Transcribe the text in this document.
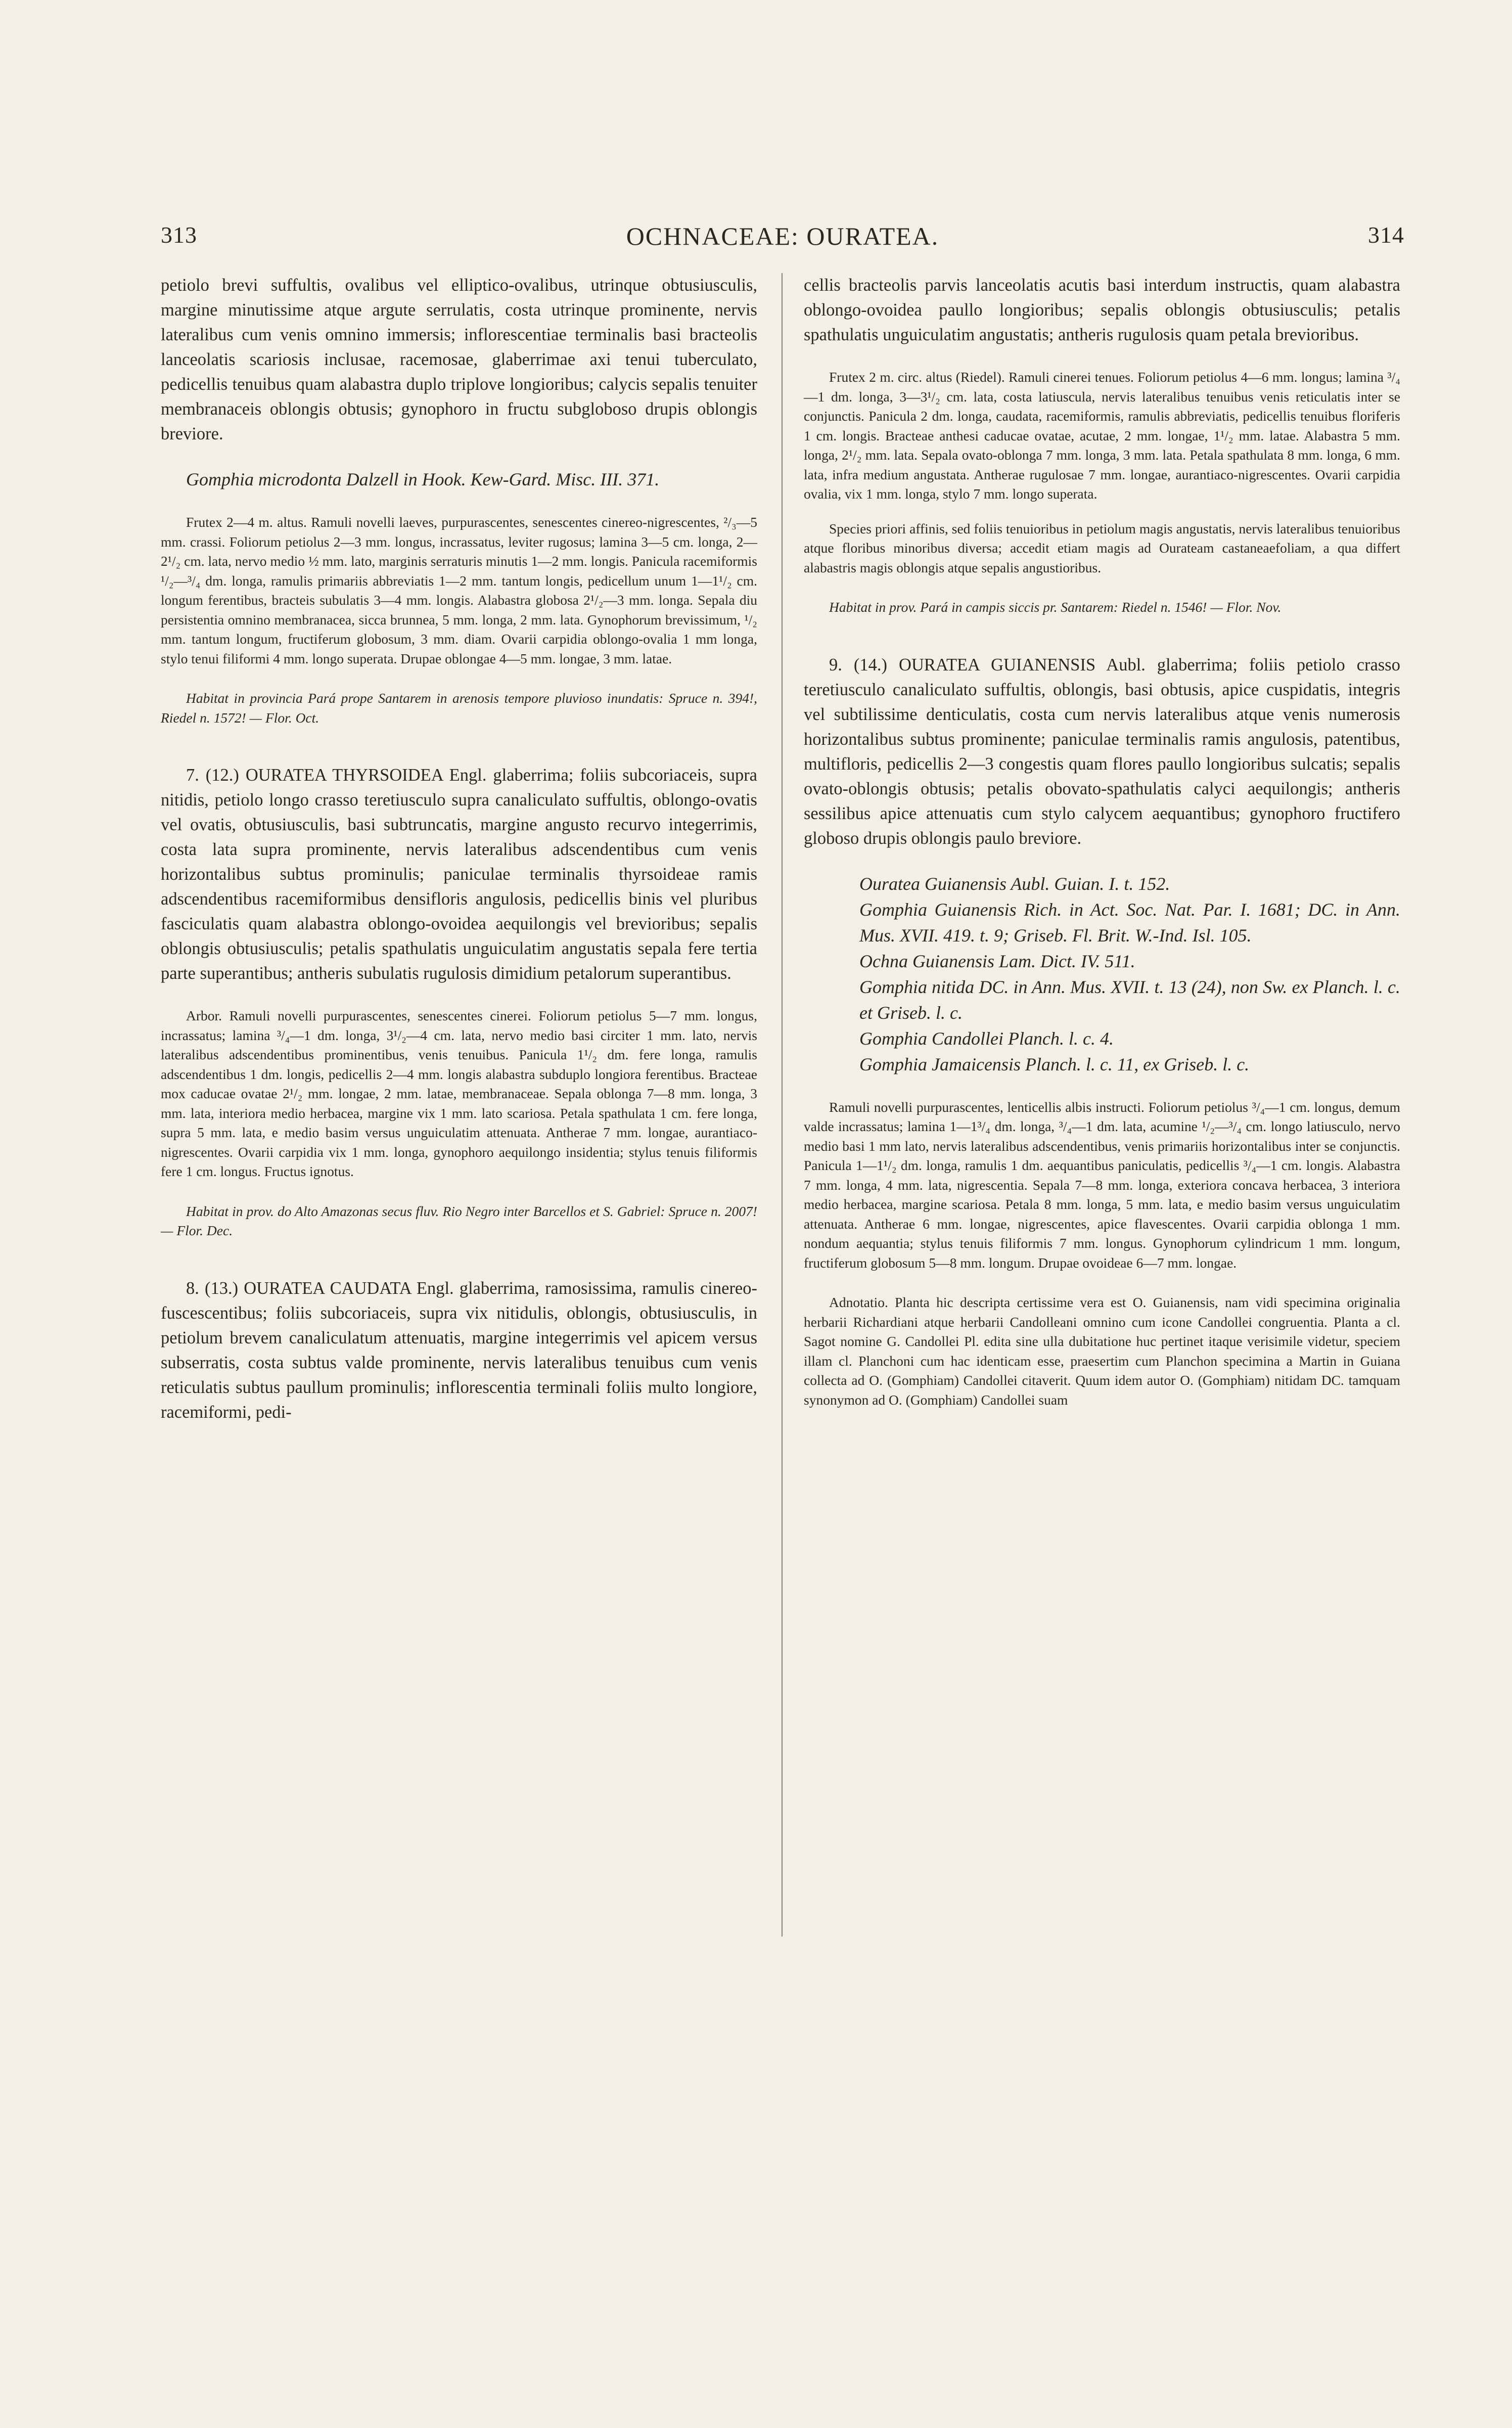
313	OCHNACEAE: OURATEA.	314

petiolo brevi suffultis, ovalibus vel elliptico-ovalibus, utrinque obtusiusculis, margine minutissime atque argute serrulatis, costa utrinque prominente, nervis lateralibus cum venis omnino immersis; inflorescentiae terminalis basi bracteolis lanceolatis scariosis inclusae, racemosae, glaberrimae axi tenui tuberculato, pedicellis tenuibus quam alabastra duplo triplove longioribus; calycis sepalis tenuiter membranaceis oblongis obtusis; gynophoro in fructu subgloboso drupis oblongis breviore.

Gomphia microdonta Dalzell in Hook. Kew-Gard. Misc. III. 371.

Frutex 2—4 m. altus. Ramuli novelli laeves, purpurascentes, senescentes cinereo-nigrescentes, ²/₃—5 mm. crassi. Foliorum petiolus 2—3 mm. longus, incrassatus, leviter rugosus; lamina 3—5 cm. longa, 2—2¹/₂ cm. lata, nervo medio ½ mm. lato, marginis serraturis minutis 1—2 mm. longis. Panicula racemiformis ¹/₂—³/₄ dm. longa, ramulis primariis abbreviatis 1—2 mm. tantum longis, pedicellum unum 1—1¹/₂ cm. longum ferentibus, bracteis subulatis 3—4 mm. longis. Alabastra globosa 2¹/₂—3 mm. longa. Sepala diu persistentia omnino membranacea, sicca brunnea, 5 mm. longa, 2 mm. lata. Gynophorum brevissimum, ¹/₂ mm. tantum longum, fructiferum globosum, 3 mm. diam. Ovarii carpidia oblongo-ovalia 1 mm longa, stylo tenui filiformi 4 mm. longo superata. Drupae oblongae 4—5 mm. longae, 3 mm. latae.

Habitat in provincia Pará prope Santarem in arenosis tempore pluvioso inundatis: Spruce n. 394!, Riedel n. 1572! — Flor. Oct.

7. (12.) OURATEA THYRSOIDEA Engl. glaberrima; foliis subcoriaceis, supra nitidis, petiolo longo crasso teretiusculo supra canaliculato suffultis, oblongo-ovatis vel ovatis, obtusiusculis, basi subtruncatis, margine angusto recurvo integerrimis, costa lata supra prominente, nervis lateralibus adscendentibus cum venis horizontalibus subtus prominulis; paniculae terminalis thyrsoideae ramis adscendentibus racemiformibus densifloris angulosis, pedicellis binis vel pluribus fasciculatis quam alabastra oblongo-ovoidea aequilongis vel brevioribus; sepalis oblongis obtusiusculis; petalis spathulatis unguiculatim angustatis sepala fere tertia parte superantibus; antheris subulatis rugulosis dimidium petalorum superantibus.

Arbor. Ramuli novelli purpurascentes, senescentes cinerei. Foliorum petiolus 5—7 mm. longus, incrassatus; lamina ³/₄—1 dm. longa, 3¹/₂—4 cm. lata, nervo medio basi circiter 1 mm. lato, nervis lateralibus adscendentibus prominentibus, venis tenuibus. Panicula 1¹/₂ dm. fere longa, ramulis adscendentibus 1 dm. longis, pedicellis 2—4 mm. longis alabastra subduplo longiora ferentibus. Bracteae mox caducae ovatae 2¹/₂ mm. longae, 2 mm. latae, membranaceae. Sepala oblonga 7—8 mm. longa, 3 mm. lata, interiora medio herbacea, margine vix 1 mm. lato scariosa. Petala spathulata 1 cm. fere longa, supra 5 mm. lata, e medio basim versus unguiculatim attenuata. Antherae 7 mm. longae, aurantiaco-nigrescentes. Ovarii carpidia vix 1 mm. longa, gynophoro aequilongo insidentia; stylus tenuis filiformis fere 1 cm. longus. Fructus ignotus.

Habitat in prov. do Alto Amazonas secus fluv. Rio Negro inter Barcellos et S. Gabriel: Spruce n. 2007! — Flor. Dec.

8. (13.) OURATEA CAUDATA Engl. glaberrima, ramosissima, ramulis cinereo-fuscescentibus; foliis subcoriaceis, supra vix nitidulis, oblongis, obtusiusculis, in petiolum brevem canaliculatum attenuatis, margine integerrimis vel apicem versus subserratis, costa subtus valde prominente, nervis lateralibus tenuibus cum venis reticulatis subtus paullum prominulis; inflorescentia terminali foliis multo longiore, racemiformi, pedi-

cellis bracteolis parvis lanceolatis acutis basi interdum instructis, quam alabastra oblongo-ovoidea paullo longioribus; sepalis oblongis obtusiusculis; petalis spathulatis unguiculatim angustatis; antheris rugulosis quam petala brevioribus.

Frutex 2 m. circ. altus (Riedel). Ramuli cinerei tenues. Foliorum petiolus 4—6 mm. longus; lamina ³/₄—1 dm. longa, 3—3¹/₂ cm. lata, costa latiuscula, nervis lateralibus tenuibus venis reticulatis inter se conjunctis. Panicula 2 dm. longa, caudata, racemiformis, ramulis abbreviatis, pedicellis tenuibus floriferis 1 cm. longis. Bracteae anthesi caducae ovatae, acutae, 2 mm. longae, 1¹/₂ mm. latae. Alabastra 5 mm. longa, 2¹/₂ mm. lata. Sepala ovato-oblonga 7 mm. longa, 3 mm. lata. Petala spathulata 8 mm. longa, 6 mm. lata, infra medium angustata. Antherae rugulosae 7 mm. longae, aurantiaco-nigrescentes. Ovarii carpidia ovalia, vix 1 mm. longa, stylo 7 mm. longo superata.

Species priori affinis, sed foliis tenuioribus in petiolum magis angustatis, nervis lateralibus tenuioribus atque floribus minoribus diversa; accedit etiam magis ad Ourateam castaneaefoliam, a qua differt alabastris magis oblongis atque sepalis angustioribus.

Habitat in prov. Pará in campis siccis pr. Santarem: Riedel n. 1546! — Flor. Nov.

9. (14.) OURATEA GUIANENSIS Aubl. glaberrima; foliis petiolo crasso teretiusculo canaliculato suffultis, oblongis, basi obtusis, apice cuspidatis, integris vel subtilissime denticulatis, costa cum nervis lateralibus atque venis numerosis horizontalibus subtus prominente; paniculae terminalis ramis angulosis, patentibus, multifloris, pedicellis 2—3 congestis quam flores paullo longioribus sulcatis; sepalis ovato-oblongis obtusis; petalis obovato-spathulatis calyci aequilongis; antheris sessilibus apice attenuatis cum stylo calycem aequantibus; gynophoro fructifero globoso drupis oblongis paulo breviore.

Ouratea Guianensis Aubl. Guian. I. t. 152.

Gomphia Guianensis Rich. in Act. Soc. Nat. Par. I. 1681; DC. in Ann. Mus. XVII. 419. t. 9; Griseb. Fl. Brit. W.-Ind. Isl. 105.

Ochna Guianensis Lam. Dict. IV. 511.

Gomphia nitida DC. in Ann. Mus. XVII. t. 13 (24), non Sw. ex Planch. l. c. et Griseb. l. c.

Gomphia Candollei Planch. l. c. 4.

Gomphia Jamaicensis Planch. l. c. 11, ex Griseb. l. c.

Ramuli novelli purpurascentes, lenticellis albis instructi. Foliorum petiolus ³/₄—1 cm. longus, demum valde incrassatus; lamina 1—1³/₄ dm. longa, ³/₄—1 dm. lata, acumine ¹/₂—³/₄ cm. longo latiusculo, nervo medio basi 1 mm lato, nervis lateralibus adscendentibus, venis primariis horizontalibus inter se conjunctis. Panicula 1—1¹/₂ dm. longa, ramulis 1 dm. aequantibus paniculatis, pedicellis ³/₄—1 cm. longis. Alabastra 7 mm. longa, 4 mm. lata, nigrescentia. Sepala 7—8 mm. longa, exteriora concava herbacea, 3 interiora medio herbacea, margine scariosa. Petala 8 mm. longa, 5 mm. lata, e medio basim versus unguiculatim attenuata. Antherae 6 mm. longae, nigrescentes, apice flavescentes. Ovarii carpidia oblonga 1 mm. nondum aequantia; stylus tenuis filiformis 7 mm. longus. Gynophorum cylindricum 1 mm. longum, fructiferum globosum 5—8 mm. longum. Drupae ovoideae 6—7 mm. longae.

Adnotatio. Planta hic descripta certissime vera est O. Guianensis, nam vidi specimina originalia herbarii Richardiani atque herbarii Candolleani omnino cum icone Candollei congruentia. Planta a cl. Sagot nomine G. Candollei Pl. edita sine ulla dubitatione huc pertinet itaque verisimile videtur, speciem illam cl. Planchoni cum hac identicam esse, praesertim cum Planchon specimina a Martin in Guiana collecta ad O. (Gomphiam) Candollei citaverit. Quum idem autor O. (Gomphiam) nitidam DC. tamquam synonymon ad O. (Gomphiam) Candollei suam
